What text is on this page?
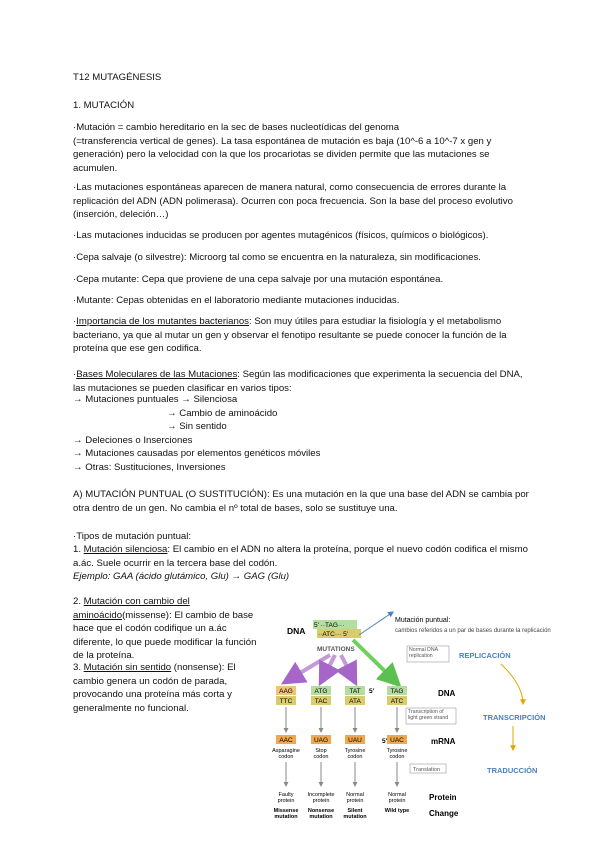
T12 MUTAGÉNESIS

1. MUTACIÓN

·Mutación = cambio hereditario en la sec de bases nucleotídicas del genoma
(=transferencia vertical de genes). La tasa espontánea de mutación es baja (10^-6 a 10^-7 x gen y generación) pero la velocidad con la que los procariotas se dividen permite que las mutaciones se acumulen.

·Las mutaciones espontáneas aparecen de manera natural, como consecuencia de errores durante la replicación del ADN (ADN polimerasa). Ocurren con poca frecuencia. Son la base del proceso evolutivo (inserción, deleción…)

·Las mutaciones inducidas se producen por agentes mutagénicos (físicos, químicos o biológicos).

·Cepa salvaje (o silvestre): Microorg tal como se encuentra en la naturaleza, sin modificaciones.

·Cepa mutante: Cepa que proviene de una cepa salvaje por una mutación espontánea.

·Mutante: Cepas obtenidas en el laboratorio mediante mutaciones inducidas.

·Importancia de los mutantes bacterianos: Son muy útiles para estudiar la fisiología y el metabolismo bacteriano, ya que al mutar un gen y observar el fenotipo resultante se puede conocer la función de la proteína que ese gen codifica.

·Bases Moleculares de las Mutaciones: Según las modificaciones que experimenta la secuencia del DNA, las mutaciones se pueden clasificar en varios tipos:

→ Mutaciones puntuales → Silenciosa

→ Cambio de aminoácido

→ Sin sentido

→ Deleciones o Inserciones

→ Mutaciones causadas por elementos genéticos móviles

→ Otras: Sustituciones, Inversiones

A) MUTACIÓN PUNTUAL (O SUSTITUCIÓN): Es una mutación en la que una base del ADN se cambia por otra dentro de un gen. No cambia el nº total de bases, solo se sustituye una.

·Tipos de mutación puntual:

1. Mutación silenciosa: El cambio en el ADN no altera la proteína, porque el nuevo codón codifica el mismo a.ác. Suele ocurrir en la tercera base del codón.

Ejemplo: GAA (ácido glutámico, Glu) → GAG (Glu)

2. Mutación con cambio del aminoácido(missense): El cambio de base hace que el codón codifique un a.ác diferente, lo que puede modificar la función de la proteína.

3. Mutación sin sentido (nonsense): El cambio genera un codón de parada, provocando una proteína más corta y generalmente no funcional.

DNA
5' ··TAG···
··ATC··· 5'
Mutación puntual:
cambios referidos a un par de bases durante la replicación
MUTATIONS	Normal DNA replication	REPLICACIÓN
TRANSCRIPCIÓN
TRADUCCIÓN
DNA
mRNA
Protein
Change
5'
5'
Transcription of light green strand
Translation
AAG
TTC
AAC
Asparagine
codon
Faulty
protein
Missense
mutation
ATG
TAC
UAG
Stop
codon
Incomplete
protein
Nonsense
mutation
TAT
ATA
UAU
Tyrosine
codon
Normal
protein
Silent
mutation
TAG
ATC
UAC
Tyrosine
codon
Normal
protein
Wild type
